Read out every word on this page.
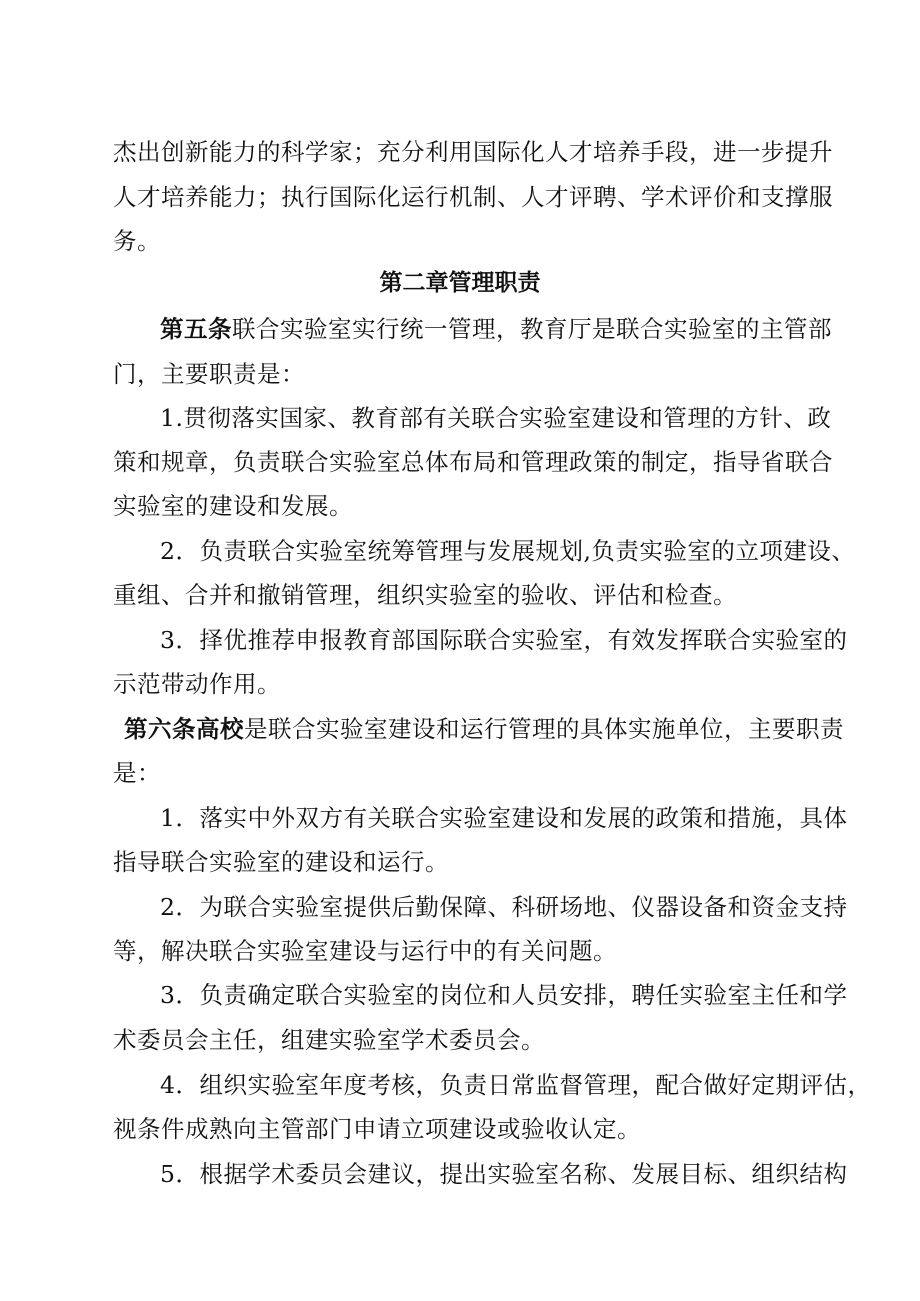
杰出创新能力的科学家；充分利用国际化人才培养手段，进一步提升
人才培养能力；执行国际化运行机制、人才评聘、学术评价和支撑服
务。
第二章管理职责
第五条联合实验室实行统一管理，教育厅是联合实验室的主管部
门，主要职责是：
1.贯彻落实国家、教育部有关联合实验室建设和管理的方针、政
策和规章，负责联合实验室总体布局和管理政策的制定，指导省联合
实验室的建设和发展。
2．负责联合实验室统筹管理与发展规划,负责实验室的立项建设、
重组、合并和撤销管理，组织实验室的验收、评估和检查。
3．择优推荐申报教育部国际联合实验室，有效发挥联合实验室的
示范带动作用。
第六条高校是联合实验室建设和运行管理的具体实施单位，主要职责
是：
1．落实中外双方有关联合实验室建设和发展的政策和措施，具体
指导联合实验室的建设和运行。
2．为联合实验室提供后勤保障、科研场地、仪器设备和资金支持
等，解决联合实验室建设与运行中的有关问题。
3．负责确定联合实验室的岗位和人员安排，聘任实验室主任和学
术委员会主任，组建实验室学术委员会。
4．组织实验室年度考核，负责日常监督管理，配合做好定期评估，
视条件成熟向主管部门申请立项建设或验收认定。
5．根据学术委员会建议，提出实验室名称、发展目标、组织结构
